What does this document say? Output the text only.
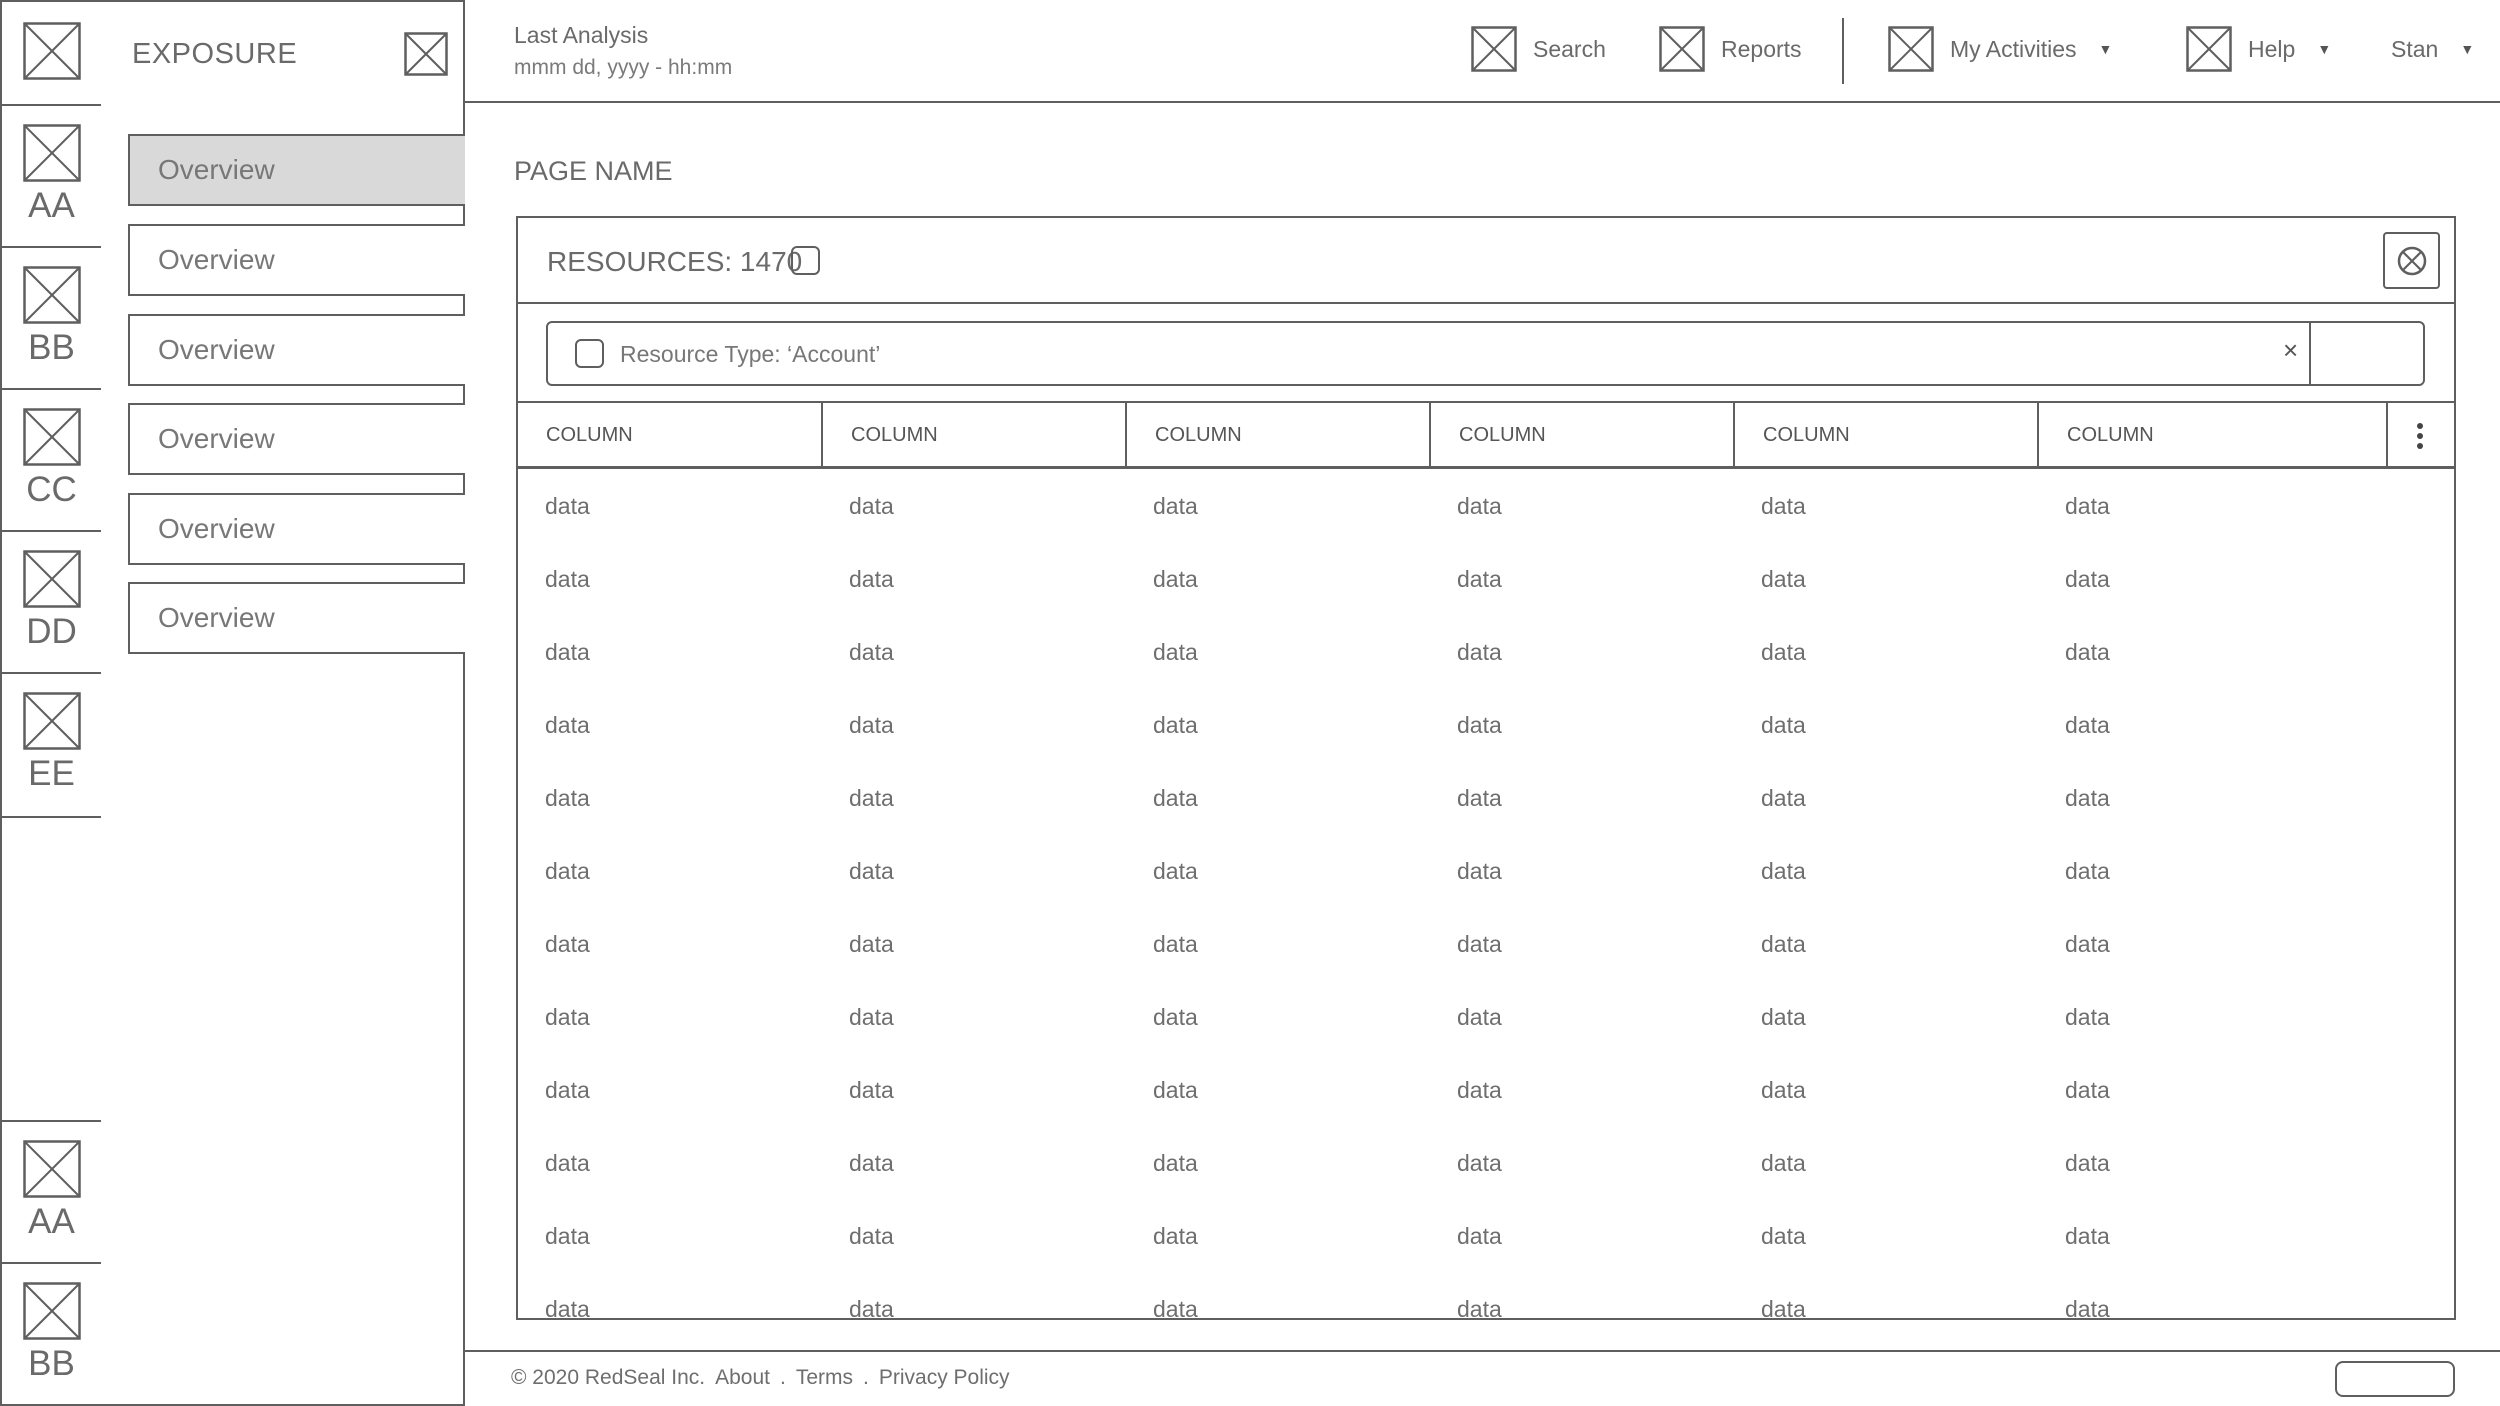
AA
BB
CC
DD
EE
AA
BB
EXPOSURE
Overview
Overview
Overview
Overview
Overview
Overview
Last Analysis
mmm dd, yyyy - hh:mm
Search	Reports	My Activities ▼	Help ▼	Stan ▼
PAGE NAME
RESOURCES: 1470
Resource Type: ‘Account’	×
COLUMN	COLUMN	COLUMN	COLUMN	COLUMN	COLUMN
data	data	data	data	data	data
data	data	data	data	data	data
data	data	data	data	data	data
data	data	data	data	data	data
data	data	data	data	data	data
data	data	data	data	data	data
data	data	data	data	data	data
data	data	data	data	data	data
data	data	data	data	data	data
data	data	data	data	data	data
data	data	data	data	data	data
data	data	data	data	data	data
© 2020 RedSeal Inc. About . Terms . Privacy Policy
